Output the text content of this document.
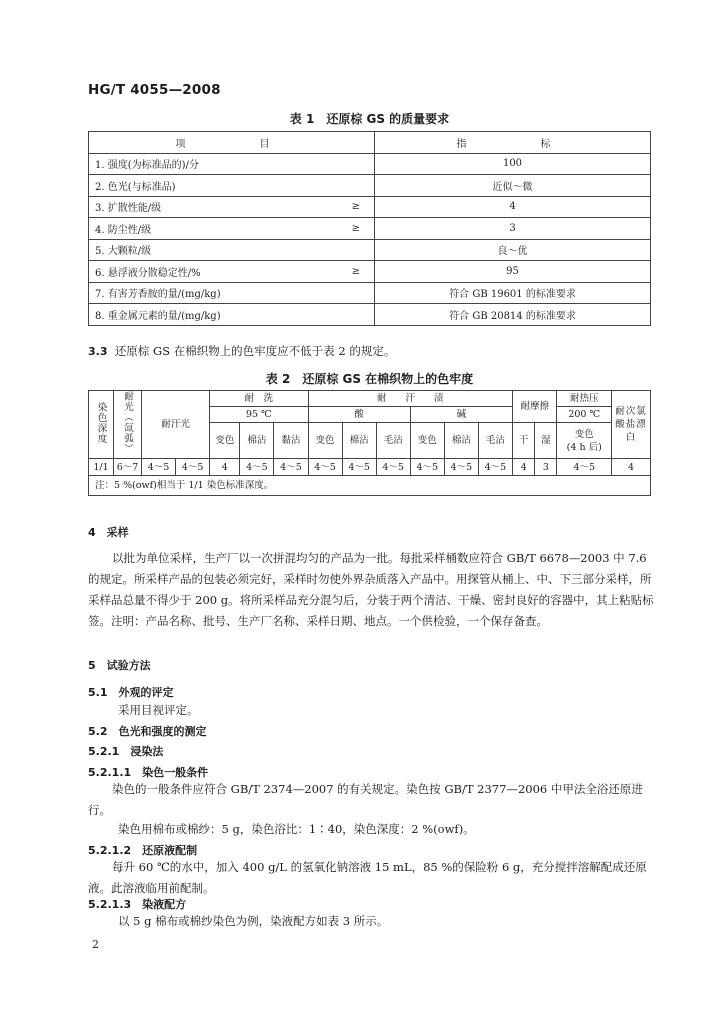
HG/T 4055—2008
表 1　还原棕 GS 的质量要求
项　　目		指　　标
1. 强度(为标准品的)/分		100
2. 色光(与标准品)		近似～微
3. 扩散性能/级	≥	4
4. 防尘性/级	≥	3
5. 大颗粒/级		良～优
6. 悬浮液分散稳定性/%	≥	95
7. 有害芳香胺的量/(mg/kg)		符合 GB 19601 的标准要求
8. 重金属元素的量/(mg/kg)		符合 GB 20814 的标准要求
3.3 还原棕 GS 在棉织物上的色牢度应不低于表 2 的规定。
表 2　还原棕 GS 在棉织物上的色牢度
染色深度	耐光（氙弧）	耐汗光		耐　洗			耐　　汗　　渍						耐摩擦		耐热压	耐次氯酸盐漂白
				95 ℃			酸			碱					200 ℃	
				变色	棉沾	黏沾	变色	棉沾	毛沾	变色	棉沾	毛沾	干	湿	变色
(4 h 后)	
1/1	6～7	4～5	4～5	4	4～5	4～5	4～5	4～5	4～5	4～5	4～5	4～5	4	3	4～5	4
注：5 %(owf)相当于 1/1 染色标准深度。																
4　采样
以批为单位采样，生产厂以一次拼混均匀的产品为一批。每批采样桶数应符合 GB/T 6678—2003 中 7.6 的规定。所采样产品的包装必须完好，采样时勿使外界杂质落入产品中。用探管从桶上、中、下三部分采样，所采样品总量不得少于 200 g。将所采样品充分混匀后，分装于两个清洁、干燥、密封良好的容器中，其上粘贴标签。注明：产品名称、批号、生产厂名称、采样日期、地点。一个供检验，一个保存备查。
5　试验方法
5.1　外观的评定
采用目视评定。
5.2　色光和强度的测定
5.2.1　浸染法
5.2.1.1　染色一般条件
染色的一般条件应符合 GB/T 2374—2007 的有关规定。染色按 GB/T 2377—2006 中甲法全浴还原进行。
染色用棉布或棉纱：5 g，染色浴比：1∶40，染色深度：2 %(owf)。
5.2.1.2　还原液配制
每升 60 ℃的水中，加入 400 g/L 的氢氧化钠溶液 15 mL，85 %的保险粉 6 g，充分搅拌溶解配成还原液。此溶液临用前配制。
5.2.1.3　染液配方
以 5 g 棉布或棉纱染色为例，染液配方如表 3 所示。
2
